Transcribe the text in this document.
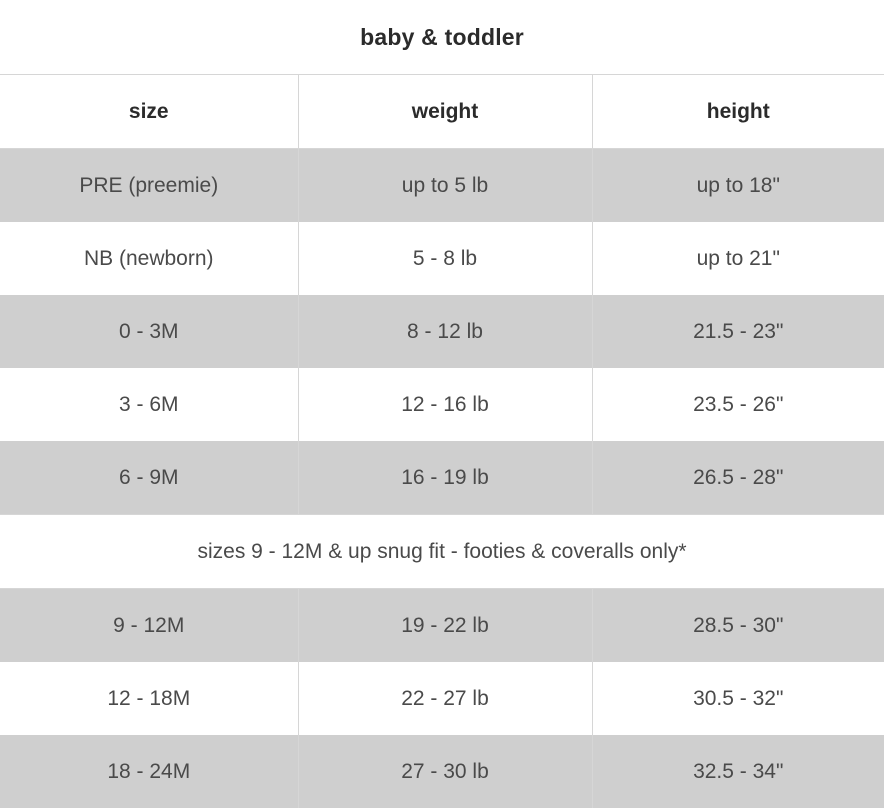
baby & toddler		
size	weight	height
PRE (preemie)	up to 5 lb	up to 18"
NB (newborn)	5 - 8 lb	up to 21"
0 - 3M	8 - 12 lb	21.5 - 23"
3 - 6M	12 - 16 lb	23.5 - 26"
6 - 9M	16 - 19 lb	26.5 - 28"
sizes 9 - 12M & up snug fit - footies & coveralls only*		
9 - 12M	19 - 22 lb	28.5 - 30"
12 - 18M	22 - 27 lb	30.5 - 32"
18 - 24M	27 - 30 lb	32.5 - 34"
